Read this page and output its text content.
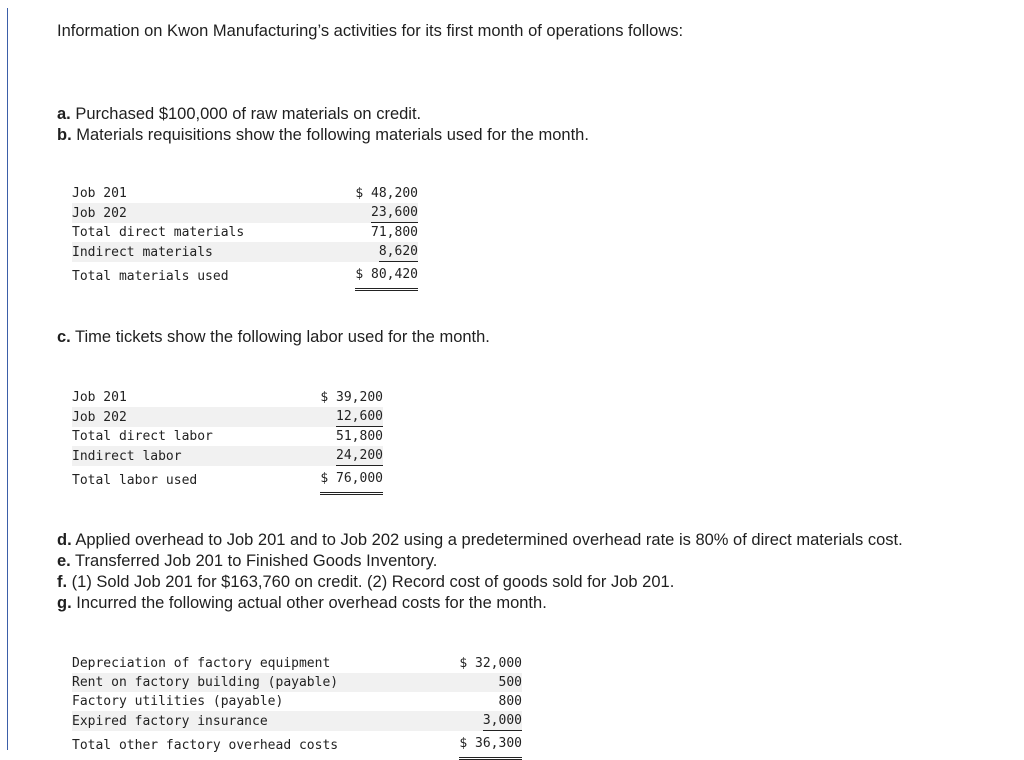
Information on Kwon Manufacturing’s activities for its first month of operations follows:

a. Purchased $100,000 of raw materials on credit.
b. Materials requisitions show the following materials used for the month.
Job 201	$ 48,200
Job 202	23,600
Total direct materials	71,800
Indirect materials	8,620
Total materials used	$ 80,420
c. Time tickets show the following labor used for the month.
Job 201	$ 39,200
Job 202	12,600
Total direct labor	51,800
Indirect labor	24,200
Total labor used	$ 76,000
d. Applied overhead to Job 201 and to Job 202 using a predetermined overhead rate is 80% of direct materials cost.
e. Transferred Job 201 to Finished Goods Inventory.
f. (1) Sold Job 201 for $163,760 on credit. (2) Record cost of goods sold for Job 201.
g. Incurred the following actual other overhead costs for the month.
Depreciation of factory equipment	$ 32,000
Rent on factory building (payable)	500
Factory utilities (payable)	800
Expired factory insurance	3,000
Total other factory overhead costs	$ 36,300
